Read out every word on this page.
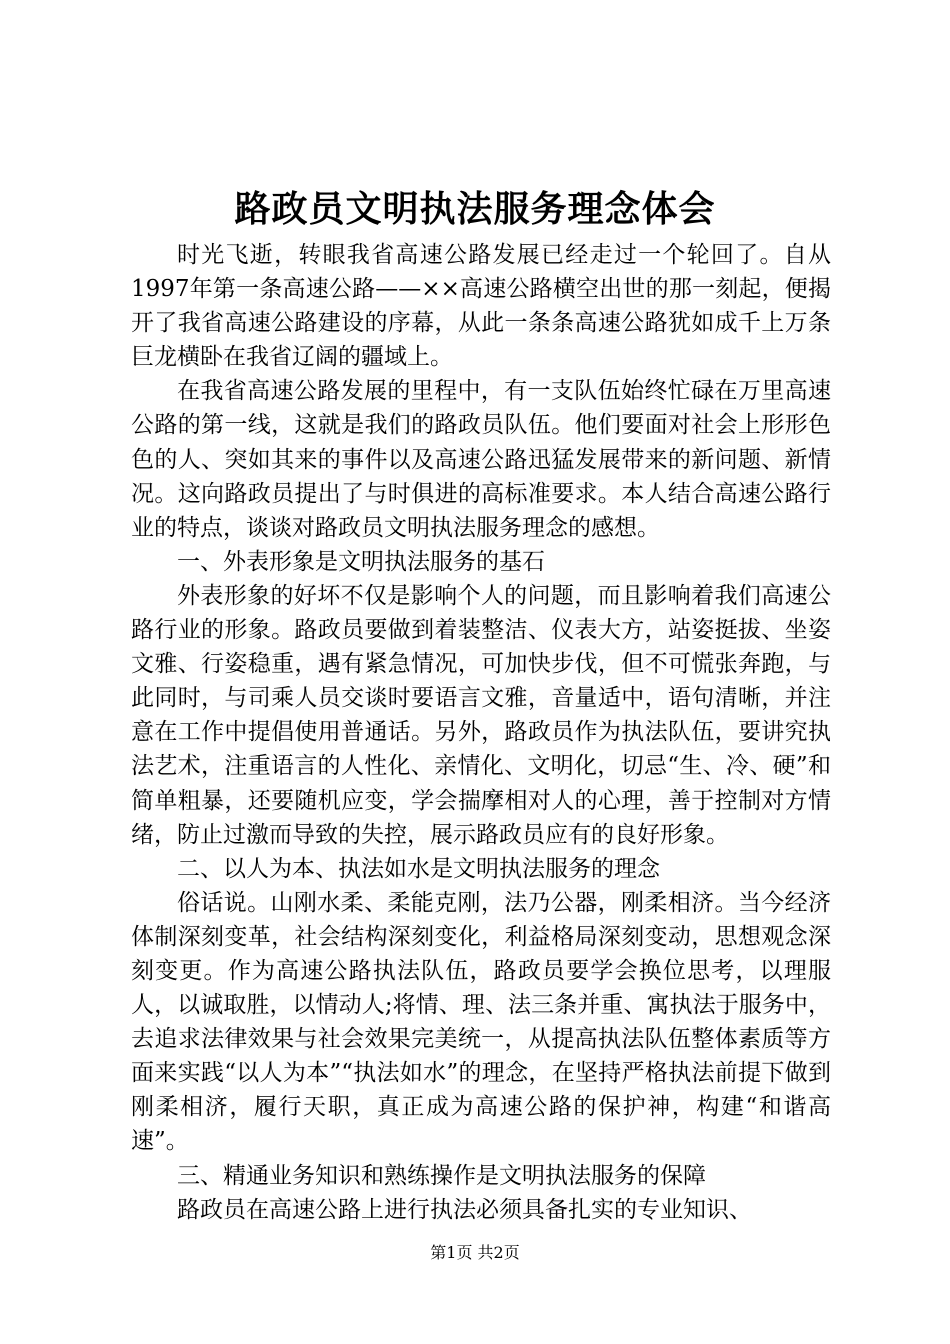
路政员文明执法服务理念体会

时光飞逝，转眼我省高速公路发展已经走过一个轮回了。自从1997年第一条高速公路——××高速公路横空出世的那一刻起，便揭开了我省高速公路建设的序幕，从此一条条高速公路犹如成千上万条巨龙横卧在我省辽阔的疆域上。

在我省高速公路发展的里程中，有一支队伍始终忙碌在万里高速公路的第一线，这就是我们的路政员队伍。他们要面对社会上形形色色的人、突如其来的事件以及高速公路迅猛发展带来的新问题、新情况。这向路政员提出了与时俱进的高标准要求。本人结合高速公路行业的特点，谈谈对路政员文明执法服务理念的感想。

一、外表形象是文明执法服务的基石

外表形象的好坏不仅是影响个人的问题，而且影响着我们高速公路行业的形象。路政员要做到着装整洁、仪表大方，站姿挺拔、坐姿文雅、行姿稳重，遇有紧急情况，可加快步伐，但不可慌张奔跑，与此同时，与司乘人员交谈时要语言文雅，音量适中，语句清晰，并注意在工作中提倡使用普通话。另外，路政员作为执法队伍，要讲究执法艺术，注重语言的人性化、亲情化、文明化，切忌“生、冷、硬”和简单粗暴，还要随机应变，学会揣摩相对人的心理，善于控制对方情绪，防止过激而导致的失控，展示路政员应有的良好形象。

二、以人为本、执法如水是文明执法服务的理念

俗话说。山刚水柔、柔能克刚，法乃公器，刚柔相济。当今经济体制深刻变革，社会结构深刻变化，利益格局深刻变动，思想观念深刻变更。作为高速公路执法队伍，路政员要学会换位思考，以理服人，以诚取胜，以情动人;将情、理、法三条并重、寓执法于服务中，去追求法律效果与社会效果完美统一，从提高执法队伍整体素质等方面来实践“以人为本”“执法如水”的理念，在坚持严格执法前提下做到刚柔相济，履行天职，真正成为高速公路的保护神，构建“和谐高速”。

三、精通业务知识和熟练操作是文明执法服务的保障

路政员在高速公路上进行执法必须具备扎实的专业知识、

第1页 共2页
